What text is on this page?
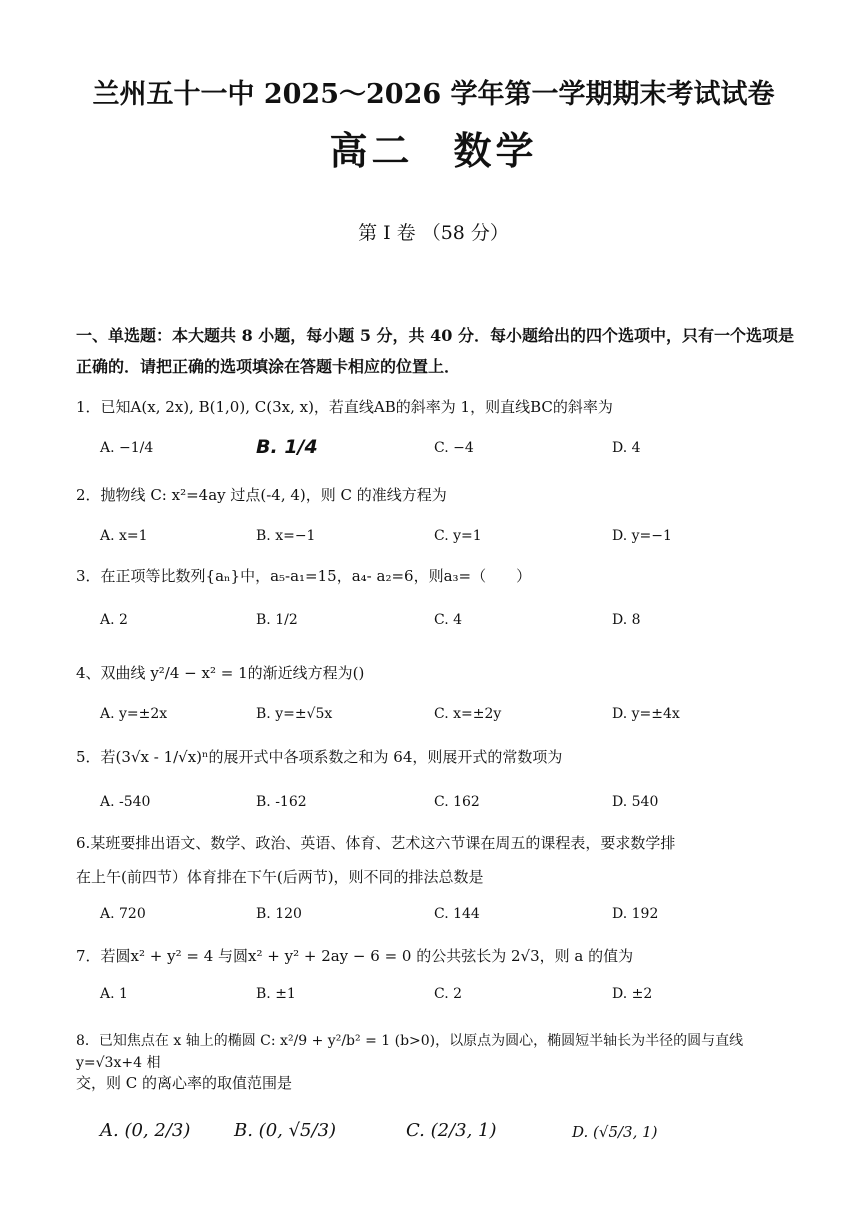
兰州五十一中 2025～2026 学年第一学期期末考试试卷
高二 数学
第 I 卷 （58 分）
一、单选题：本大题共 8 小题，每小题 5 分，共 40 分．每小题给出的四个选项中，只有一个选项是正确的．请把正确的选项填涂在答题卡相应的位置上．
1．已知A(x, 2x), B(1,0), C(3x, x)，若直线AB的斜率为 1，则直线BC的斜率为
A. −1/4	B. 1/4	C. −4	D. 4
2．抛物线 C: x²=4ay 过点(-4, 4)，则 C 的准线方程为
A. x=1	B. x=−1	C. y=1	D. y=−1
3．在正项等比数列{aₙ}中，a₅-a₁=15，a₄- a₂=6，则a₃=（　　）
A. 2	B. 1/2	C. 4	D. 8
4、双曲线 y²/4 − x² = 1的渐近线方程为()
A. y=±2x	B. y=±√5x	C. x=±2y	D. y=±4x
5．若(3√x - 1/√x)ⁿ的展开式中各项系数之和为 64，则展开式的常数项为
A. -540	B. -162	C. 162	D. 540
6.某班要排出语文、数学、政治、英语、体育、艺术这六节课在周五的课程表，要求数学排
在上午(前四节）体育排在下午(后两节)，则不同的排法总数是
A. 720	B. 120	C. 144	D. 192
7．若圆x² + y² = 4 与圆x² + y² + 2ay − 6 = 0 的公共弦长为 2√3，则 a 的值为
A. 1	B. ±1	C. 2	D. ±2
8．已知焦点在 x 轴上的椭圆 C: x²/9 + y²/b² = 1 (b>0)，以原点为圆心，椭圆短半轴长为半径的圆与直线 y=√3x+4 相
交，则 C 的离心率的取值范围是
A. (0, 2/3) B. (0, √5/3)	C. (2/3, 1)	D. (√5/3, 1)
